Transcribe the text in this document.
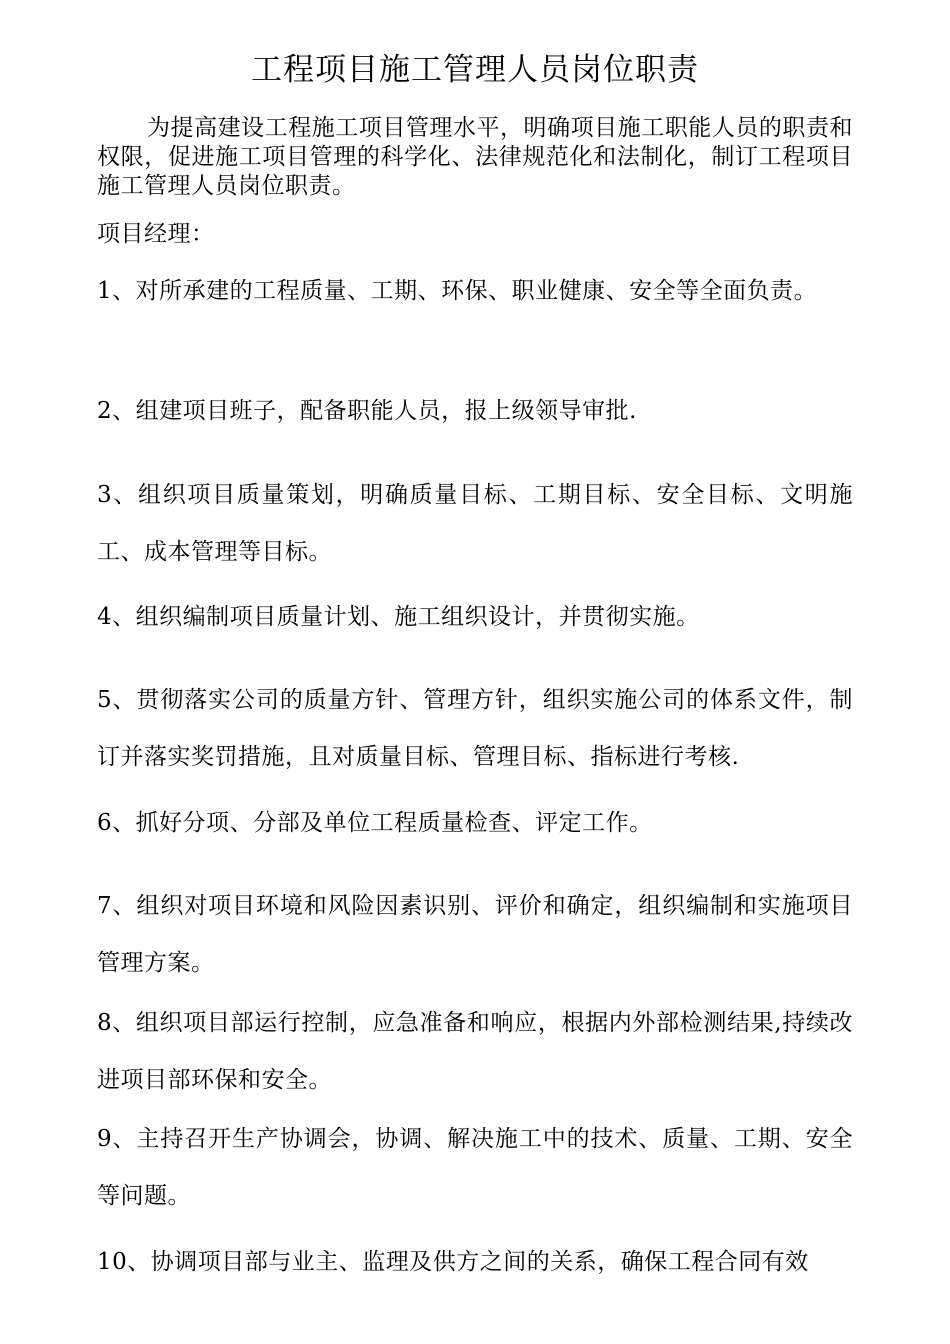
工程项目施工管理人员岗位职责
为提高建设工程施工项目管理水平，明确项目施工职能人员的职责和权限，促进施工项目管理的科学化、法律规范化和法制化，制订工程项目施工管理人员岗位职责。
项目经理：
1、对所承建的工程质量、工期、环保、职业健康、安全等全面负责。
2、组建项目班子，配备职能人员，报上级领导审批.
3、组织项目质量策划，明确质量目标、工期目标、安全目标、文明施工、成本管理等目标。
4、组织编制项目质量计划、施工组织设计，并贯彻实施。
5、贯彻落实公司的质量方针、管理方针，组织实施公司的体系文件，制订并落实奖罚措施，且对质量目标、管理目标、指标进行考核.
6、抓好分项、分部及单位工程质量检查、评定工作。
7、组织对项目环境和风险因素识别、评价和确定，组织编制和实施项目管理方案。
8、组织项目部运行控制，应急准备和响应，根据内外部检测结果,持续改进项目部环保和安全。
9、主持召开生产协调会，协调、解决施工中的技术、质量、工期、安全等问题。
10、协调项目部与业主、监理及供方之间的关系，确保工程合同有效
